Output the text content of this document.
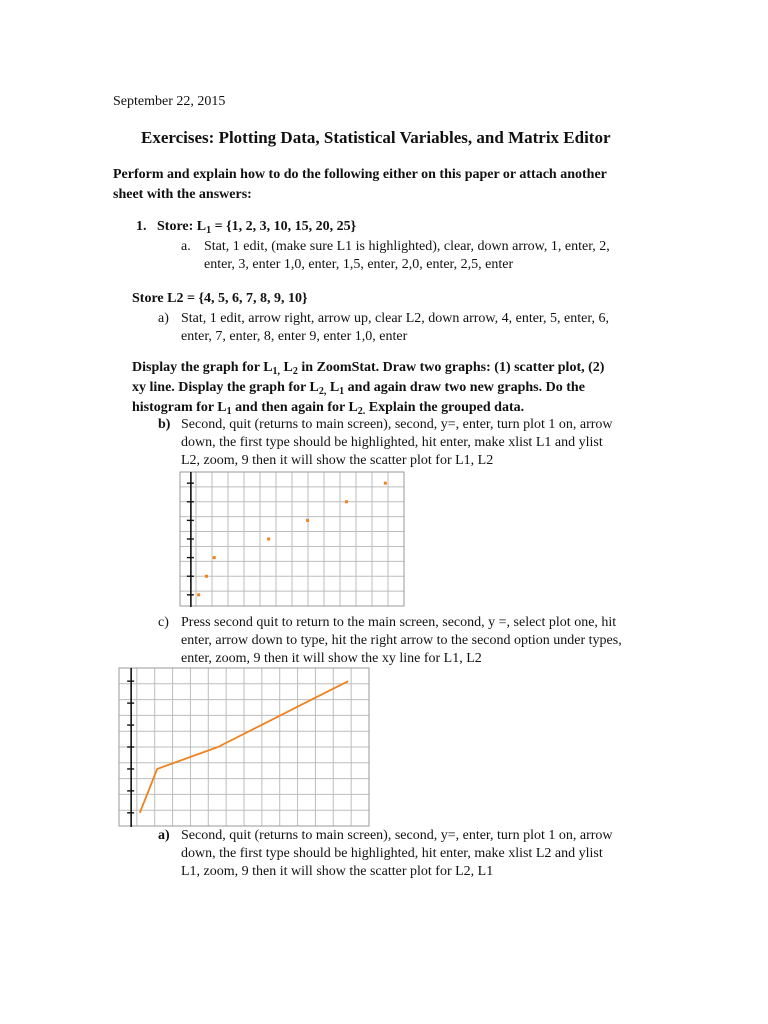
September 22, 2015
Exercises: Plotting Data, Statistical Variables, and Matrix Editor
Perform and explain how to do the following either on this paper or attach another
sheet with the answers:
1. Store: $L_1 = \{1$, 2, 3, 10, 15, 20, 25}
a. Stat, 1 edit, (make sure L1 is highlighted), clear, down arrow, 1, enter, 2,
enter, 3, enter 1,0, enter, 1,5, enter, 2,0, enter, 2,5, enter
Store L2 = {4, 5, 6, 7, 8, 9, 10}
a) Stat, 1 edit, arrow right, arrow up, clear L2, down arrow, 4, enter, 5, enter, 6,
enter, 7, enter, 8, enter 9, enter 1,0, enter
Display the graph for $L_{1,}$ $L_2$ in ZoomStat. Draw two graphs: (1) scatter plot, (2)
xy line. Display the graph for $L_{2,}$ $L_1$ and again draw two new graphs. Do the
histogram for $L_1$ and then again for $L_{2.}$ Explain the grouped data.
b) Second, quit (returns to main screen), second, y=, enter, turn plot 1 on, arrow
down, the first type should be highlighted, hit enter, make xlist L1 and ylist
L2, zoom, 9 then it will show the scatter plot for L1, L2
c) Press second quit to return to the main screen, second, y =, select plot one, hit
enter, arrow down to type, hit the right arrow to the second option under types,
enter, zoom, 9 then it will show the xy line for L1, L2
a) Second, quit (returns to main screen), second, y=, enter, turn plot 1 on, arrow
down, the first type should be highlighted, hit enter, make xlist L2 and ylist
L1, zoom, 9 then it will show the scatter plot for L2, L1
